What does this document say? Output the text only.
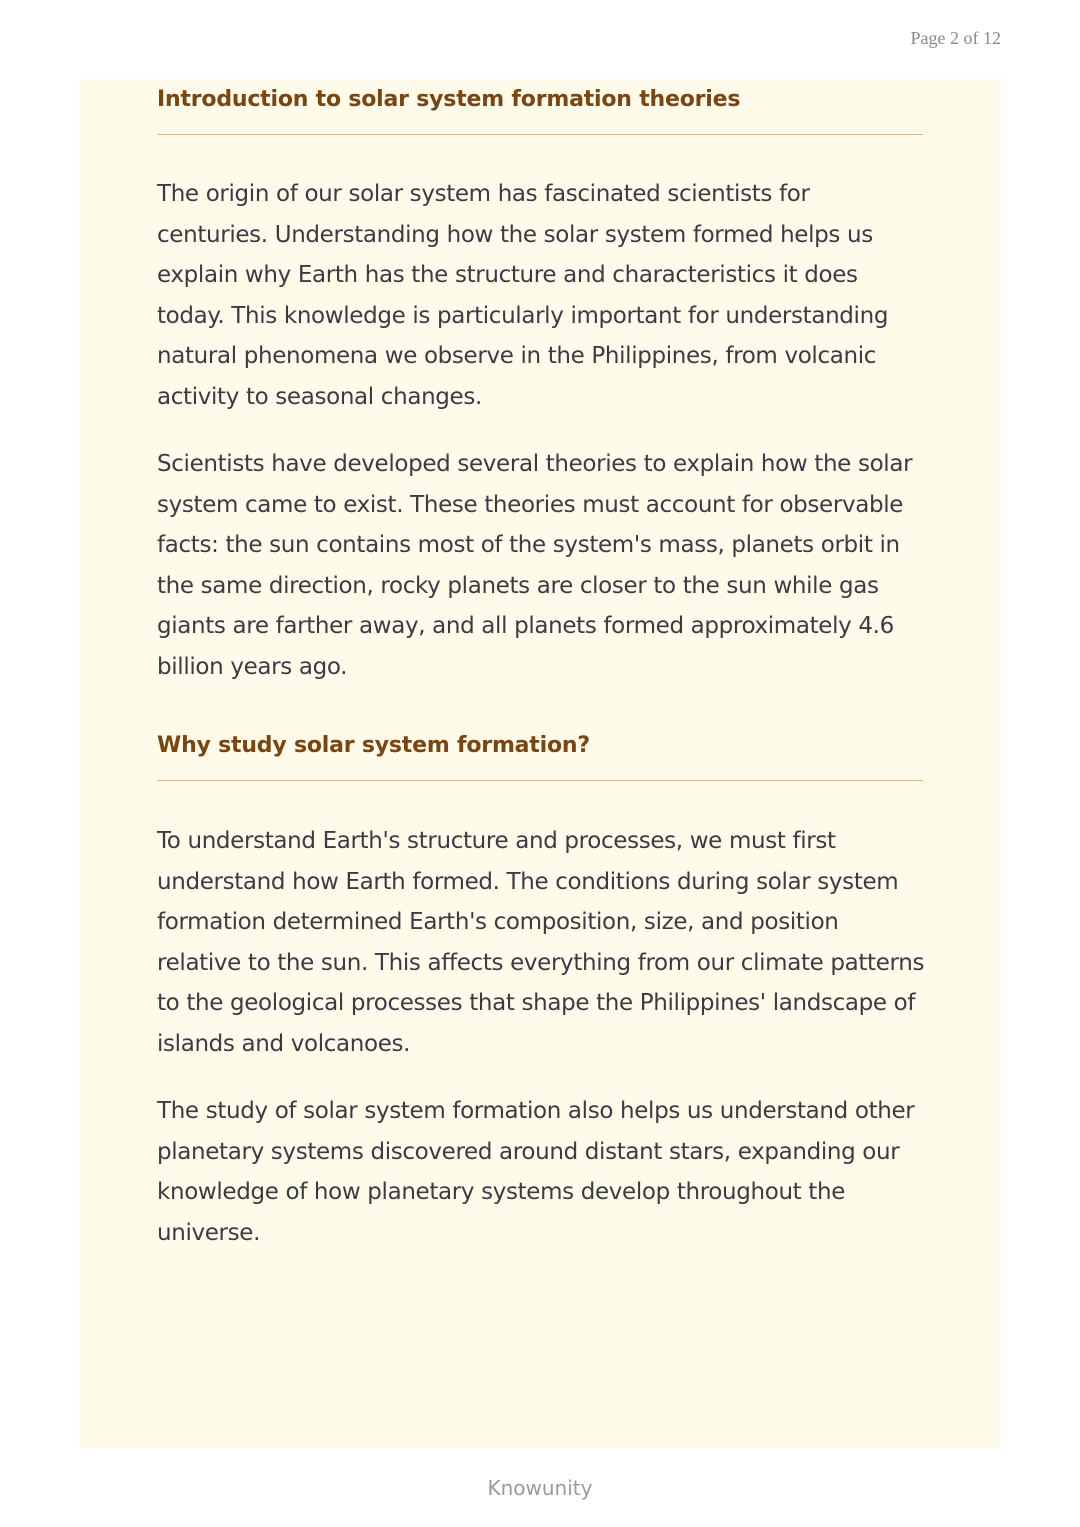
Page 2 of 12
Introduction to solar system formation theories

The origin of our solar system has fascinated scientists for centuries. Understanding how the solar system formed helps us explain why Earth has the structure and characteristics it does today. This knowledge is particularly important for understanding natural phenomena we observe in the Philippines, from volcanic activity to seasonal changes.

Scientists have developed several theories to explain how the solar system came to exist. These theories must account for observable facts: the sun contains most of the system's mass, planets orbit in the same direction, rocky planets are closer to the sun while gas giants are farther away, and all planets formed approximately 4.6 billion years ago.

Why study solar system formation?

To understand Earth's structure and processes, we must first understand how Earth formed. The conditions during solar system formation determined Earth's composition, size, and position relative to the sun. This affects everything from our climate patterns to the geological processes that shape the Philippines' landscape of islands and volcanoes.

The study of solar system formation also helps us understand other planetary systems discovered around distant stars, expanding our knowledge of how planetary systems develop throughout the universe.

Knowunity
